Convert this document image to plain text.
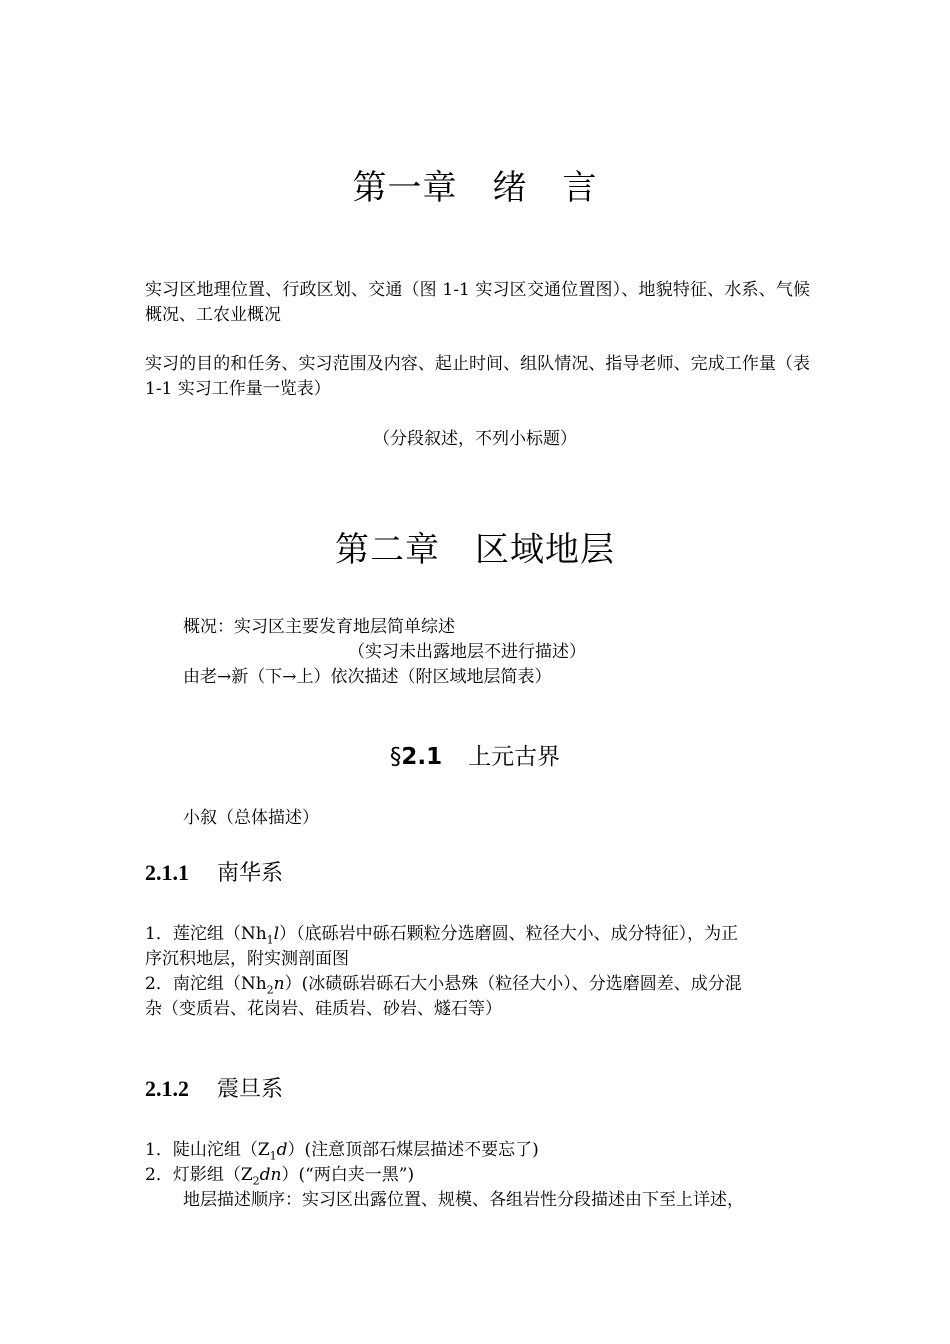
第一章　绪　言
实习区地理位置、行政区划、交通（图 1-1 实习区交通位置图）、地貌特征、水系、气候概况、工农业概况
实习的目的和任务、实习范围及内容、起止时间、组队情况、指导老师、完成工作量（表 1-1 实习工作量一览表）
（分段叙述，不列小标题）
第二章　区域地层
概况：实习区主要发育地层简单综述
（实习未出露地层不进行描述）
由老→新（下→上）依次描述（附区域地层简表）
§2.1 上元古界
小叙（总体描述）
2.1.1 南华系
1．莲沱组$(Nh_1l)$（底砾岩中砾石颗粒分选磨圆、粒径大小、成分特征），为正
序沉积地层，附实测剖面图
2．南沱组$(Nh_2n)$(冰碛砾岩砾石大小悬殊（粒径大小）、分选磨圆差、成分混
杂（变质岩、花岗岩、硅质岩、砂岩、燧石等）
2.1.2 震旦系
1．陡山沱组$(Z_1d)$(注意顶部石煤层描述不要忘了)
2．灯影组$(Z_2dn)(“$两白夹一黑”)
地层描述顺序：实习区出露位置、规模、各组岩性分段描述由下至上详述，
